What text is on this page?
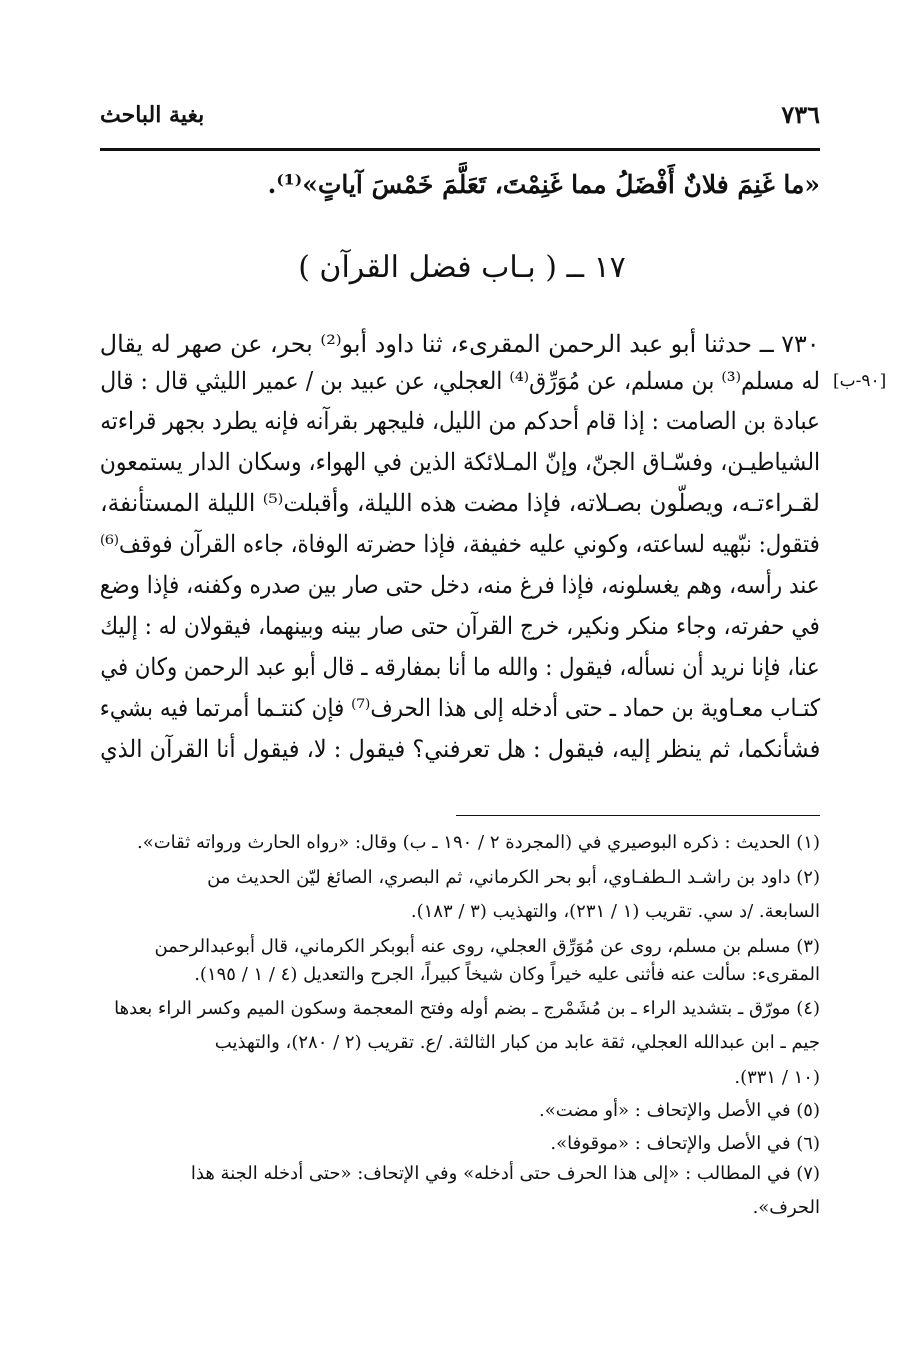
٧٣٦
بغية الباحث
«ما غَنِمَ فلانٌ أَفْضَلُ مما غَنِمْتَ، تَعَلَّمَ خَمْسَ آياتٍ»⁽¹⁾.
١٧ ــ ( بـاب فضل القرآن )
[٩٠-ب]
٧٣٠ ــ حدثنا أبو عبد الرحمن المقرىء، ثنا داود أبو⁽²⁾ بحر، عن صهر له يقال
له مسلم⁽³⁾ بن مسلم، عن مُوَرِّق⁽⁴⁾ العجلي، عن عبيد بن / عمير الليثي قال : قال
عبادة بن الصامت : إذا قام أحدكم من الليل، فليجهر بقرآنه فإنه يطرد بجهر قراءته
الشياطيـن، وفسّـاق الجنّ، وإنّ المـلائكة الذين في الهواء، وسكان الدار يستمعون
لقـراءتـه، ويصلّون بصـلاته، فإذا مضت هذه الليلة، وأقبلت⁽⁵⁾ الليلة المستأنفة،
فتقول: نبّهيه لساعته، وكوني عليه خفيفة، فإذا حضرته الوفاة، جاءه القرآن فوقف⁽⁶⁾
عند رأسه، وهم يغسلونه، فإذا فرغ منه، دخل حتى صار بين صدره وكفنه، فإذا وضع
في حفرته، وجاء منكر ونكير، خرج القرآن حتى صار بينه وبينهما، فيقولان له : إليك
عنا، فإنا نريد أن نسأله، فيقول : والله ما أنا بمفارقه ـ قال أبو عبد الرحمن وكان في
كتـاب معـاوية بن حماد ـ حتى أدخله إلى هذا الحرف⁽⁷⁾ فإن كنتـما أمرتما فيه بشيء
فشأنكما، ثم ينظر إليه، فيقول : هل تعرفني؟ فيقول : لا، فيقول أنا القرآن الذي
(١) الحديث : ذكره البوصيري في (المجردة ٢ / ١٩٠ ـ ب) وقال: «رواه الحارث ورواته ثقات».
(٢) داود بن راشـد الـطفـاوي، أبو بحر الكرماني، ثم البصري، الصائغ ليّن الحديث من
السابعة. /د سي. تقريب (١ / ٢٣١)، والتهذيب (٣ / ١٨٣).
(٣) مسلم بن مسلم، روى عن مُوَرِّق العجلي، روى عنه أبوبكر الكرماني، قال أبوعبدالرحمن
المقرىء: سألت عنه فأثنى عليه خيراً وكان شيخاً كبيراً، الجرح والتعديل (٤ / ١ / ١٩٥).
(٤) مورّق ـ بتشديد الراء ـ بن مُشَمْرج ـ بضم أوله وفتح المعجمة وسكون الميم وكسر الراء بعدها
جيم ـ ابن عبدالله العجلي، ثقة عابد من كبار الثالثة. /ع. تقريب (٢ / ٢٨٠)، والتهذيب
(١٠ / ٣٣١).
(٥) في الأصل والإتحاف : «أو مضت».
(٦) في الأصل والإتحاف : «موقوفا».
(٧) في المطالب : «إلى هذا الحرف حتى أدخله» وفي الإتحاف: «حتى أدخله الجنة هذا
الحرف».
